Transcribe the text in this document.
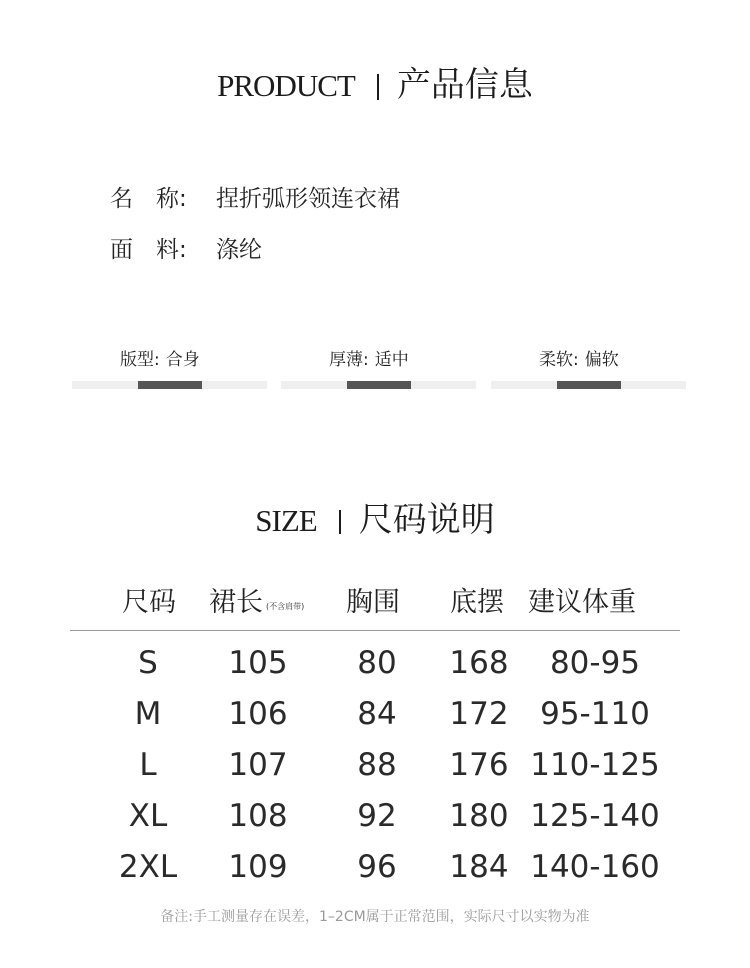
PRODUCT 产品信息
名　称: 捏折弧形领连衣裙
面　料: 涤纶
版型: 合身	厚薄: 适中	柔软: 偏软
SIZE 尺码说明
尺码 裙长 (不含肩带) 胸围 底摆 建议体重
S 105 80 168 80-95
M 106 84 172 95-110
L 107 88 176 110-125
XL 108 92 180 125-140
2XL 109 96 184 140-160
备注:手工测量存在误差，1–2CM属于正常范围，实际尺寸以实物为准
